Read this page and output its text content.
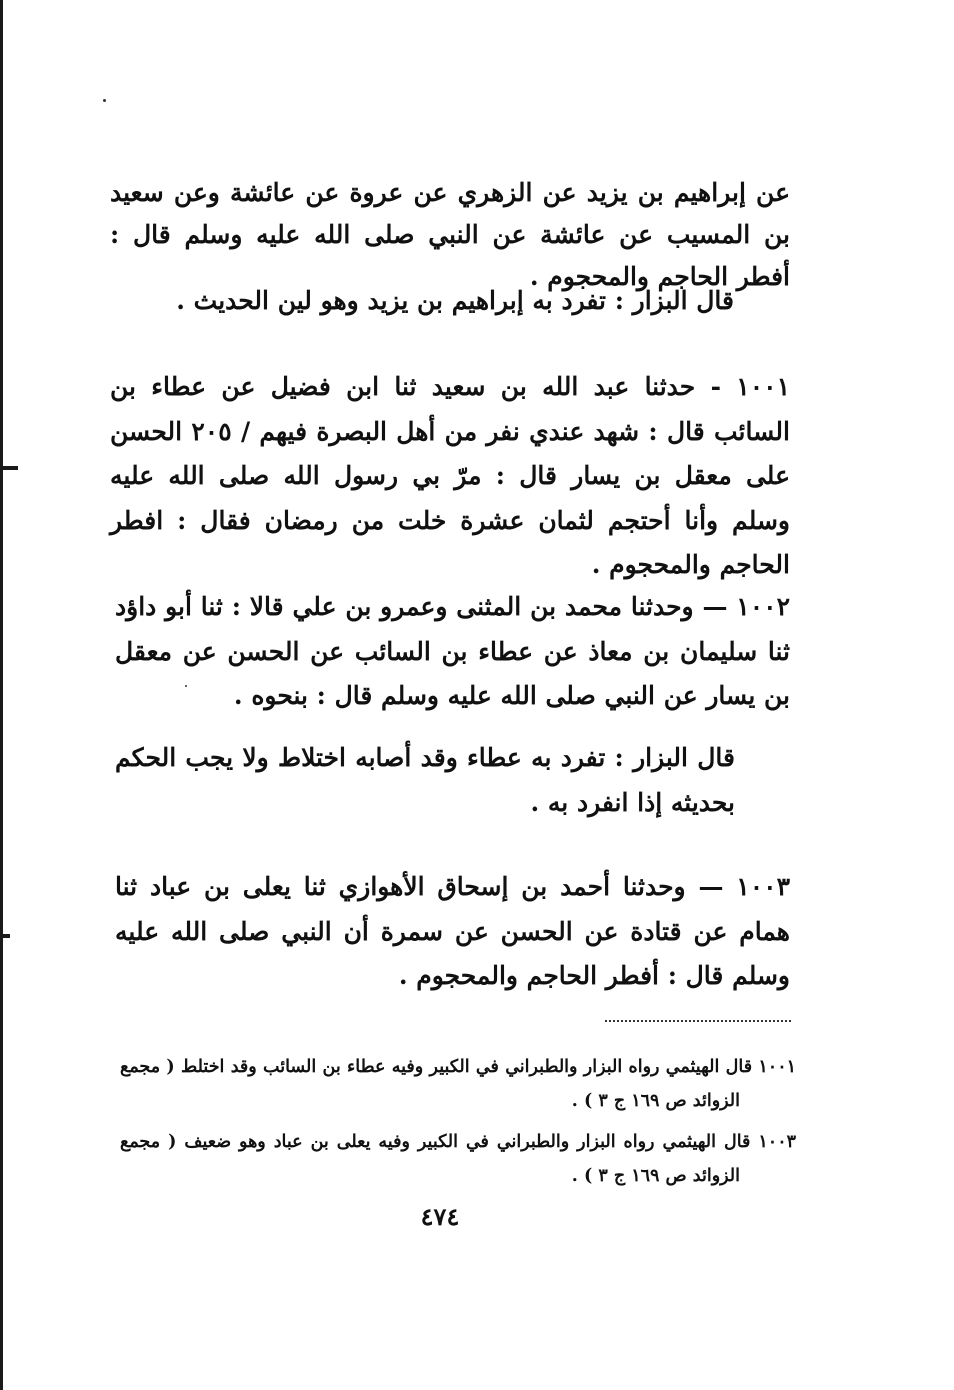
عن إبراهيم بن يزيد عن الزهري عن عروة عن عائشة وعن سعيد بن المسيب عن عائشة عن النبي صلى الله عليه وسلم قال : أفطر الحاجم والمحجوم .
قال البزار : تفرد به إبراهيم بن يزيد وهو لين الحديث .
١٠٠١ - حدثنا عبد الله بن سعيد ثنا ابن فضيل عن عطاء بن السائب قال : شهد عندي نفر من أهل البصرة فيهم / ٢٠٥ الحسن على معقل بن يسار قال : مرّ بي رسول الله صلى الله عليه وسلم وأنا أحتجم لثمان عشرة خلت من رمضان فقال : افطر الحاجم والمحجوم .
١٠٠٢ — وحدثنا محمد بن المثنى وعمرو بن علي قالا : ثنا أبو داؤد ثنا سليمان بن معاذ عن عطاء بن السائب عن الحسن عن معقل بن يسار عن النبي صلى الله عليه وسلم قال : بنحوه .
قال البزار : تفرد به عطاء وقد أصابه اختلاط ولا يجب الحكم بحديثه إذا انفرد به .
١٠٠٣ — وحدثنا أحمد بن إسحاق الأهوازي ثنا يعلى بن عباد ثنا همام عن قتادة عن الحسن عن سمرة أن النبي صلى الله عليه وسلم قال : أفطر الحاجم والمحجوم .
١٠٠١ قال الهيثمي رواه البزار والطبراني في الكبير وفيه عطاء بن السائب وقد اختلط ( مجمع
الزوائد ص ١٦٩ ج ٣ ) .
١٠٠٣ قال الهيثمي رواه البزار والطبراني في الكبير وفيه يعلى بن عباد وهو ضعيف ( مجمع
الزوائد ص ١٦٩ ج ٣ ) .
٤٧٤
